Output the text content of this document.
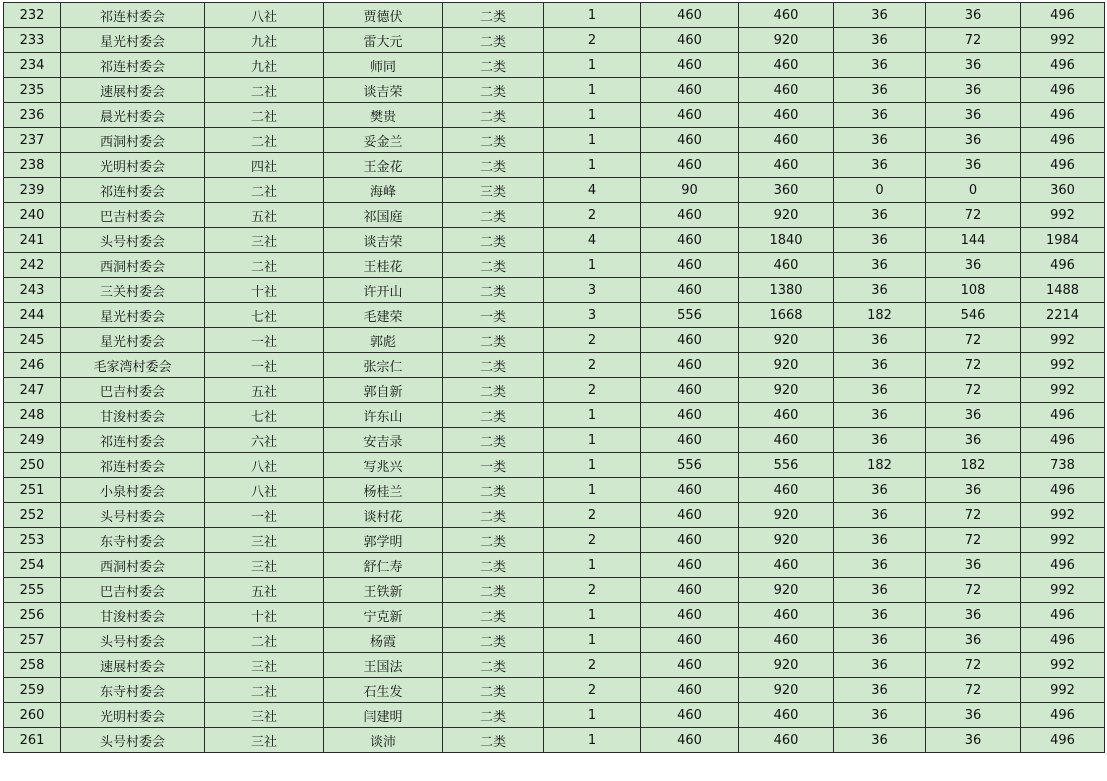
232	祁连村委会	八社	贾德伏	二类	1	460	460	36	36	496
233	星光村委会	九社	雷大元	二类	2	460	920	36	72	992
234	祁连村委会	九社	师同	二类	1	460	460	36	36	496
235	速展村委会	二社	谈吉荣	二类	1	460	460	36	36	496
236	晨光村委会	二社	樊贵	二类	1	460	460	36	36	496
237	西洞村委会	二社	妥金兰	二类	1	460	460	36	36	496
238	光明村委会	四社	王金花	二类	1	460	460	36	36	496
239	祁连村委会	二社	海峰	三类	4	90	360	0	0	360
240	巴吉村委会	五社	祁国庭	二类	2	460	920	36	72	992
241	头号村委会	三社	谈吉荣	二类	4	460	1840	36	144	1984
242	西洞村委会	二社	王桂花	二类	1	460	460	36	36	496
243	三关村委会	十社	许开山	二类	3	460	1380	36	108	1488
244	星光村委会	七社	毛建荣	一类	3	556	1668	182	546	2214
245	星光村委会	一社	郭彪	二类	2	460	920	36	72	992
246	毛家湾村委会	一社	张宗仁	二类	2	460	920	36	72	992
247	巴吉村委会	五社	郭自新	二类	2	460	920	36	72	992
248	甘浚村委会	七社	许东山	二类	1	460	460	36	36	496
249	祁连村委会	六社	安吉录	二类	1	460	460	36	36	496
250	祁连村委会	八社	写兆兴	一类	1	556	556	182	182	738
251	小泉村委会	八社	杨桂兰	二类	1	460	460	36	36	496
252	头号村委会	一社	谈村花	二类	2	460	920	36	72	992
253	东寺村委会	三社	郭学明	二类	2	460	920	36	72	992
254	西洞村委会	三社	舒仁寿	二类	1	460	460	36	36	496
255	巴吉村委会	五社	王铁新	二类	2	460	920	36	72	992
256	甘浚村委会	十社	宁克新	二类	1	460	460	36	36	496
257	头号村委会	二社	杨霞	二类	1	460	460	36	36	496
258	速展村委会	三社	王国法	二类	2	460	920	36	72	992
259	东寺村委会	二社	石生发	二类	2	460	920	36	72	992
260	光明村委会	三社	闫建明	二类	1	460	460	36	36	496
261	头号村委会	三社	谈沛	二类	1	460	460	36	36	496
